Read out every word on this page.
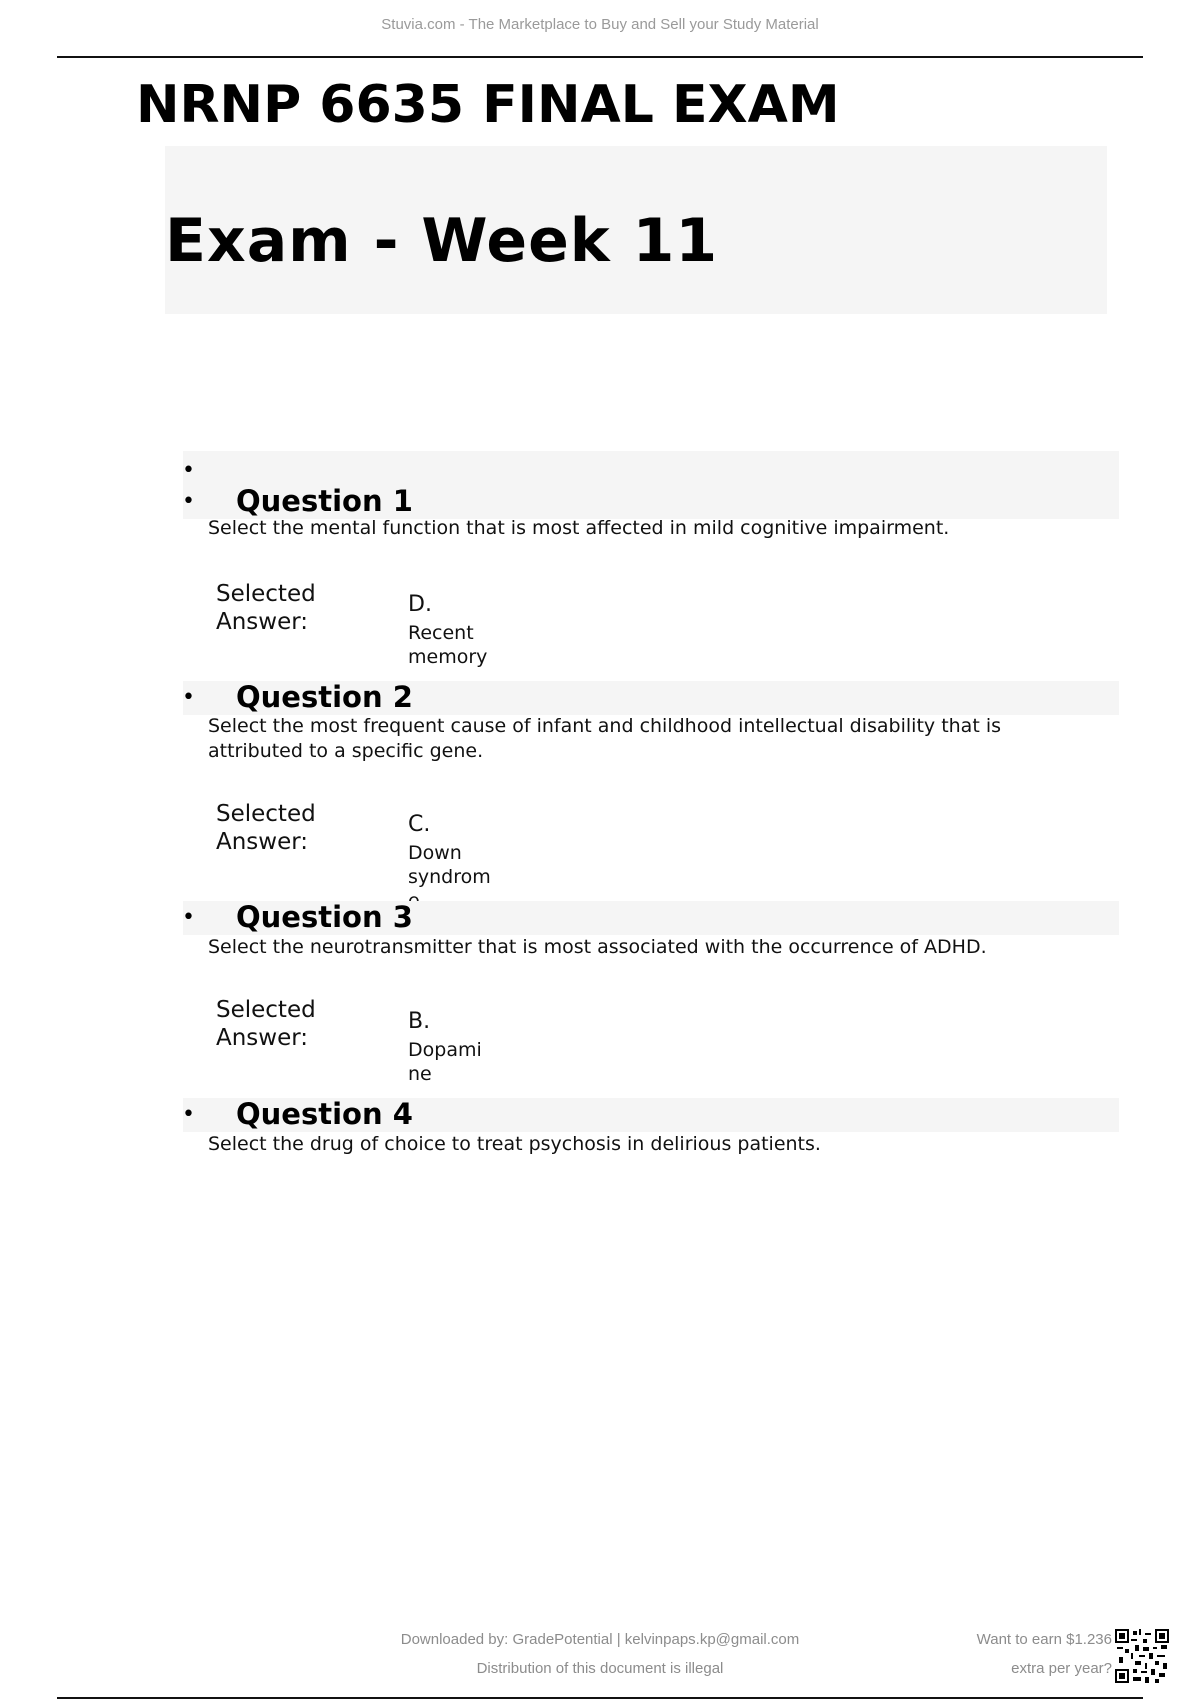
Stuvia.com - The Marketplace to Buy and Sell your Study Material
NRNP 6635 FINAL EXAM
Exam - Week 11
•
• Question 1
Select the mental function that is most affected in mild cognitive impairment.
Selected
Answer:
D.
Recent
memory
• Question 2
Select the most frequent cause of infant and childhood intellectual disability that is
attributed to a specific gene.
Selected
Answer:
C.
Down
syndrom
• Question 3
Select the neurotransmitter that is most associated with the occurrence of ADHD.
Selected
Answer:
B.
Dopami
ne
• Question 4
Select the drug of choice to treat psychosis in delirious patients.
Downloaded by: GradePotential | kelvinpaps.kp@gmail.com
Distribution of this document is illegal
Want to earn $1.236
extra per year?
